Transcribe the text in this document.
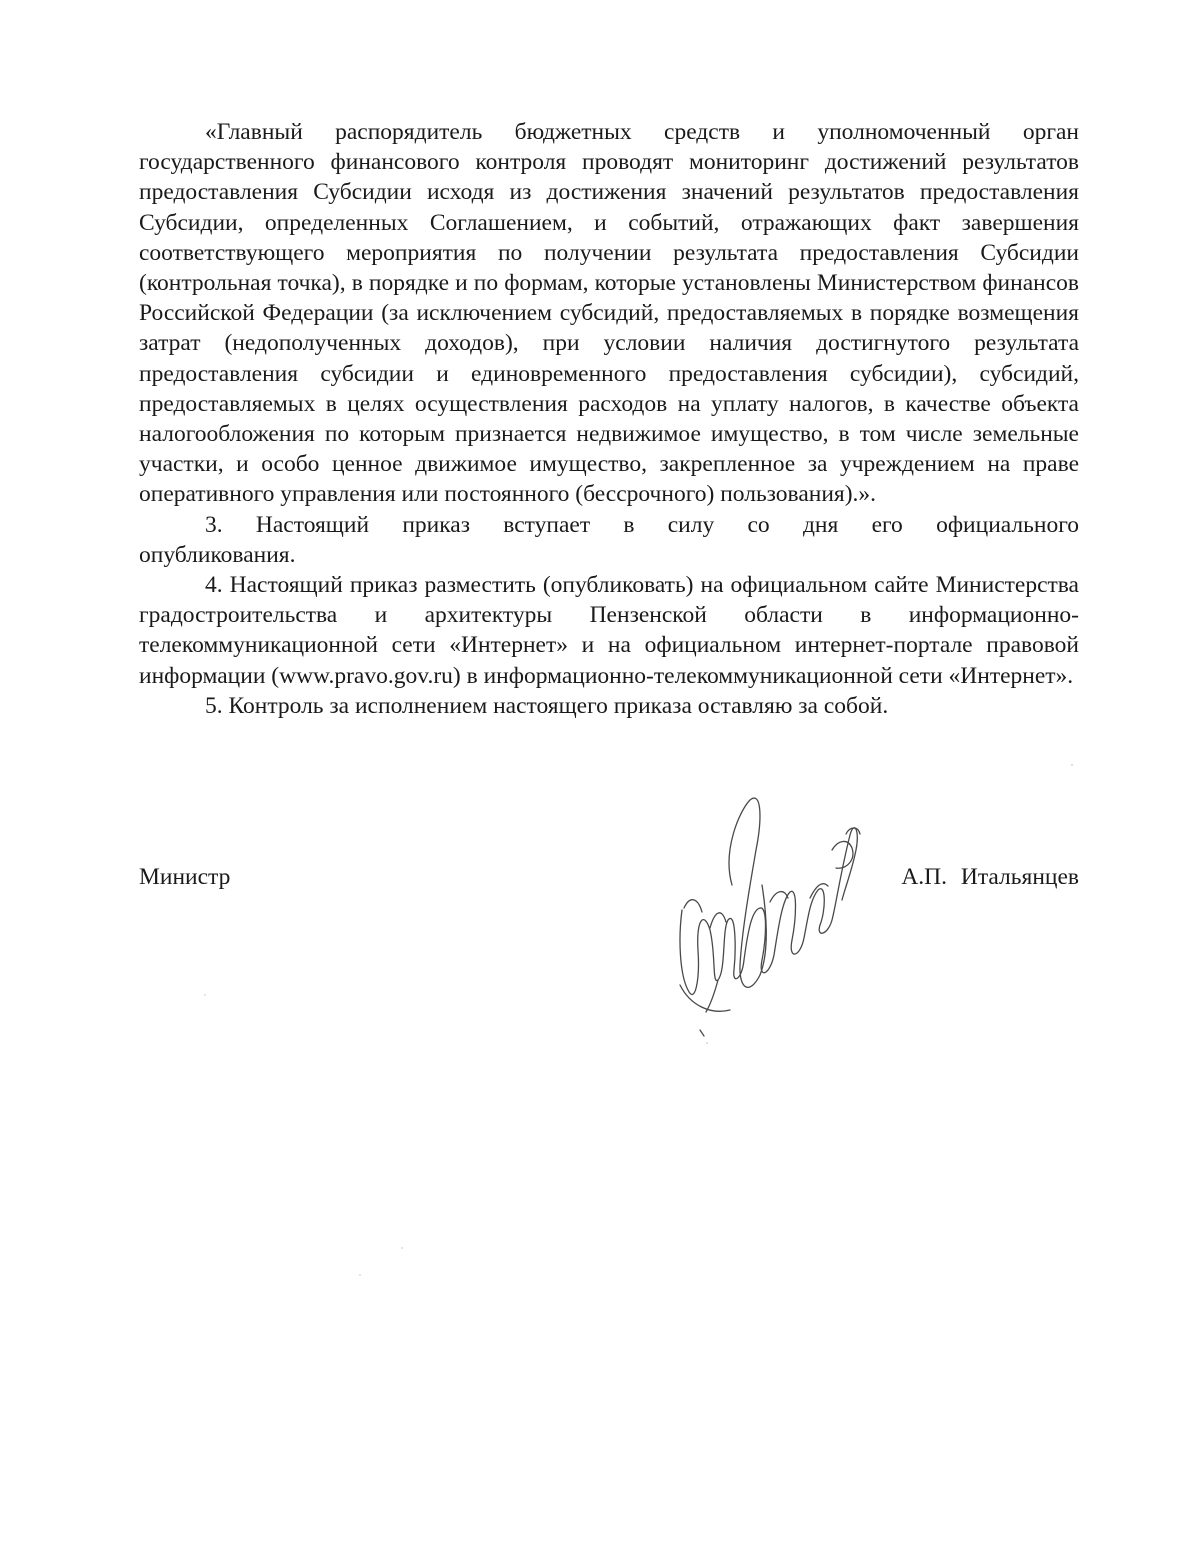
«Главный распорядитель бюджетных средств и уполномоченный орган государственного финансового контроля проводят мониторинг достижений результатов предоставления Субсидии исходя из достижения значений результатов предоставления Субсидии, определенных Соглашением, и событий, отражающих факт завершения соответствующего мероприятия по получении результата предоставления Субсидии (контрольная точка), в порядке и по формам, которые установлены Министерством финансов Российской Федерации (за исключением субсидий, предоставляемых в порядке возмещения затрат (недополученных доходов), при условии наличия достигнутого результата предоставления субсидии и единовременного предоставления субсидии), субсидий, предоставляемых в целях осуществления расходов на уплату налогов, в качестве объекта налогообложения по которым признается недвижимое имущество, в том числе земельные участки, и особо ценное движимое имущество, закрепленное за учреждением на праве оперативного управления или постоянного (бессрочного) пользования).».

3. Настоящий приказ вступает в силу со дня его официального опубликования.

4. Настоящий приказ разместить (опубликовать) на официальном сайте Министерства градостроительства и архитектуры Пензенской области в информационно-телекоммуникационной сети «Интернет» и на официальном интернет-портале правовой информации (www.pravo.gov.ru) в информационно-телекоммуникационной сети «Интернет».

5. Контроль за исполнением настоящего приказа оставляю за собой.

Министр	А.П. Итальянцев
